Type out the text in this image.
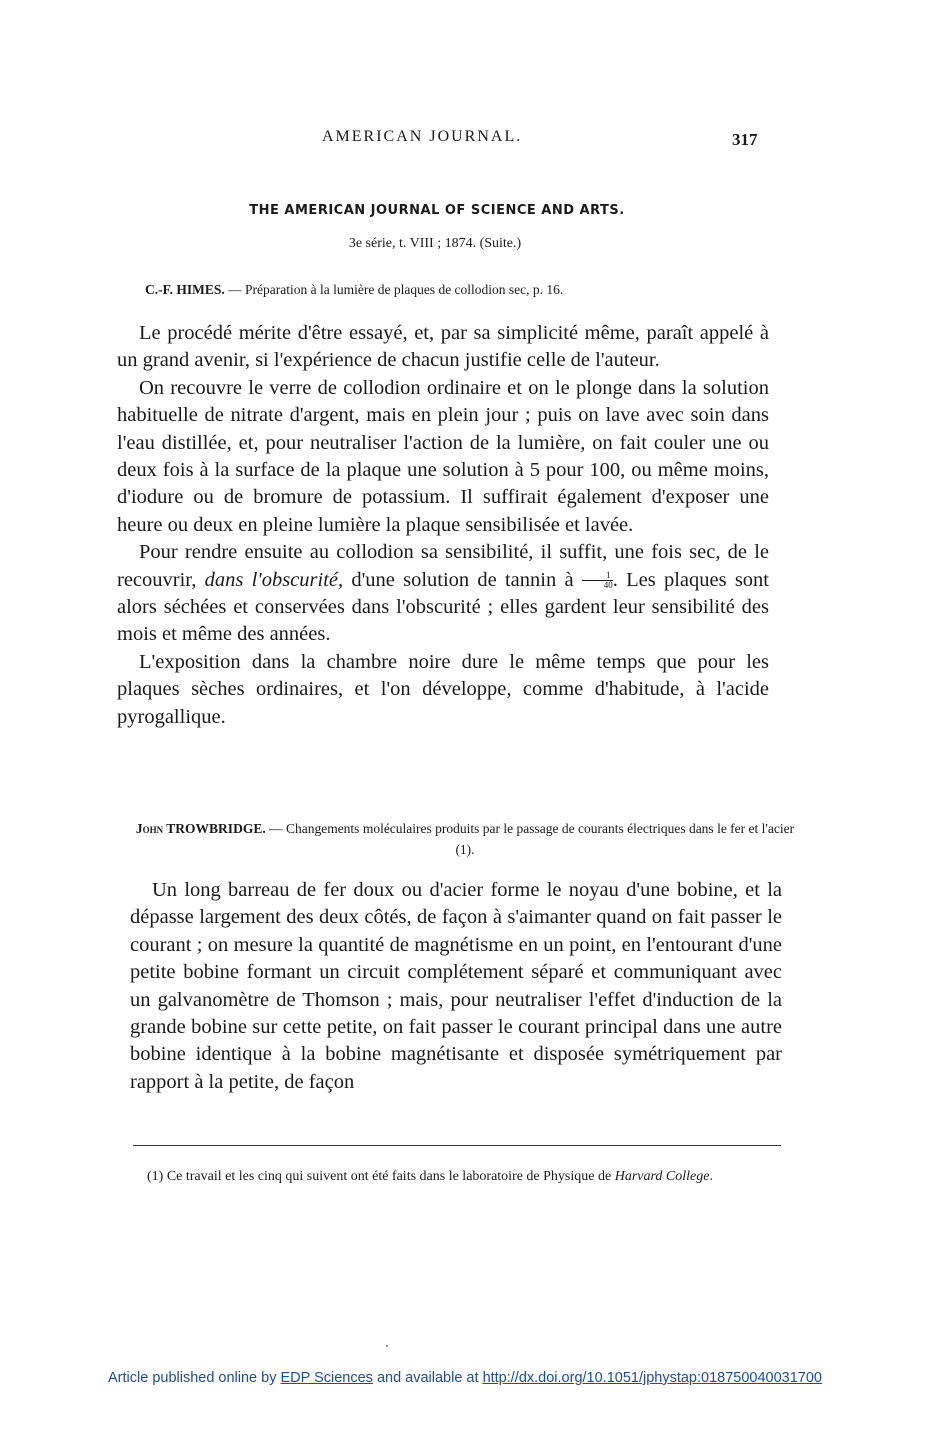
AMERICAN JOURNAL.	317
THE AMERICAN JOURNAL OF SCIENCE AND ARTS.
3e série, t. VIII ; 1874. (Suite.)
C.-F. HIMES. — Préparation à la lumière de plaques de collodion sec, p. 16.

Le procédé mérite d'être essayé, et, par sa simplicité même, paraît appelé à un grand avenir, si l'expérience de chacun justifie celle de l'auteur.

On recouvre le verre de collodion ordinaire et on le plonge dans la solution habituelle de nitrate d'argent, mais en plein jour ; puis on lave avec soin dans l'eau distillée, et, pour neutraliser l'action de la lumière, on fait couler une ou deux fois à la surface de la plaque une solution à 5 pour 100, ou même moins, d'iodure ou de bromure de potassium. Il suffirait également d'exposer une heure ou deux en pleine lumière la plaque sensibilisée et lavée.

Pour rendre ensuite au collodion sa sensibilité, il suffit, une fois sec, de le recouvrir, dans l'obscurité, d'une solution de tannin à $\frac{1}{40}$ . Les plaques sont alors séchées et conservées dans l'obscurité ; elles gardent leur sensibilité des mois et même des années.

L'exposition dans la chambre noire dure le même temps que pour les plaques sèches ordinaires, et l'on développe, comme d'habitude, à l'acide pyrogallique.

John TROWBRIDGE. — Changements moléculaires produits par le passage de courants électriques dans le fer et l'acier (1).

Un long barreau de fer doux ou d'acier forme le noyau d'une bobine, et la dépasse largement des deux côtés, de façon à s'aimanter quand on fait passer le courant ; on mesure la quantité de magnétisme en un point, en l'entourant d'une petite bobine formant un circuit complétement séparé et communiquant avec un galvanomètre de Thomson ; mais, pour neutraliser l'effet d'induction de la grande bobine sur cette petite, on fait passer le courant principal dans une autre bobine identique à la bobine magnétisante et disposée symétriquement par rapport à la petite, de façon

(1) Ce travail et les cinq qui suivent ont été faits dans le laboratoire de Physique de Harvard College.

Article published online by EDP Sciences and available at http://dx.doi.org/10.1051/jphystap:018750040031700
